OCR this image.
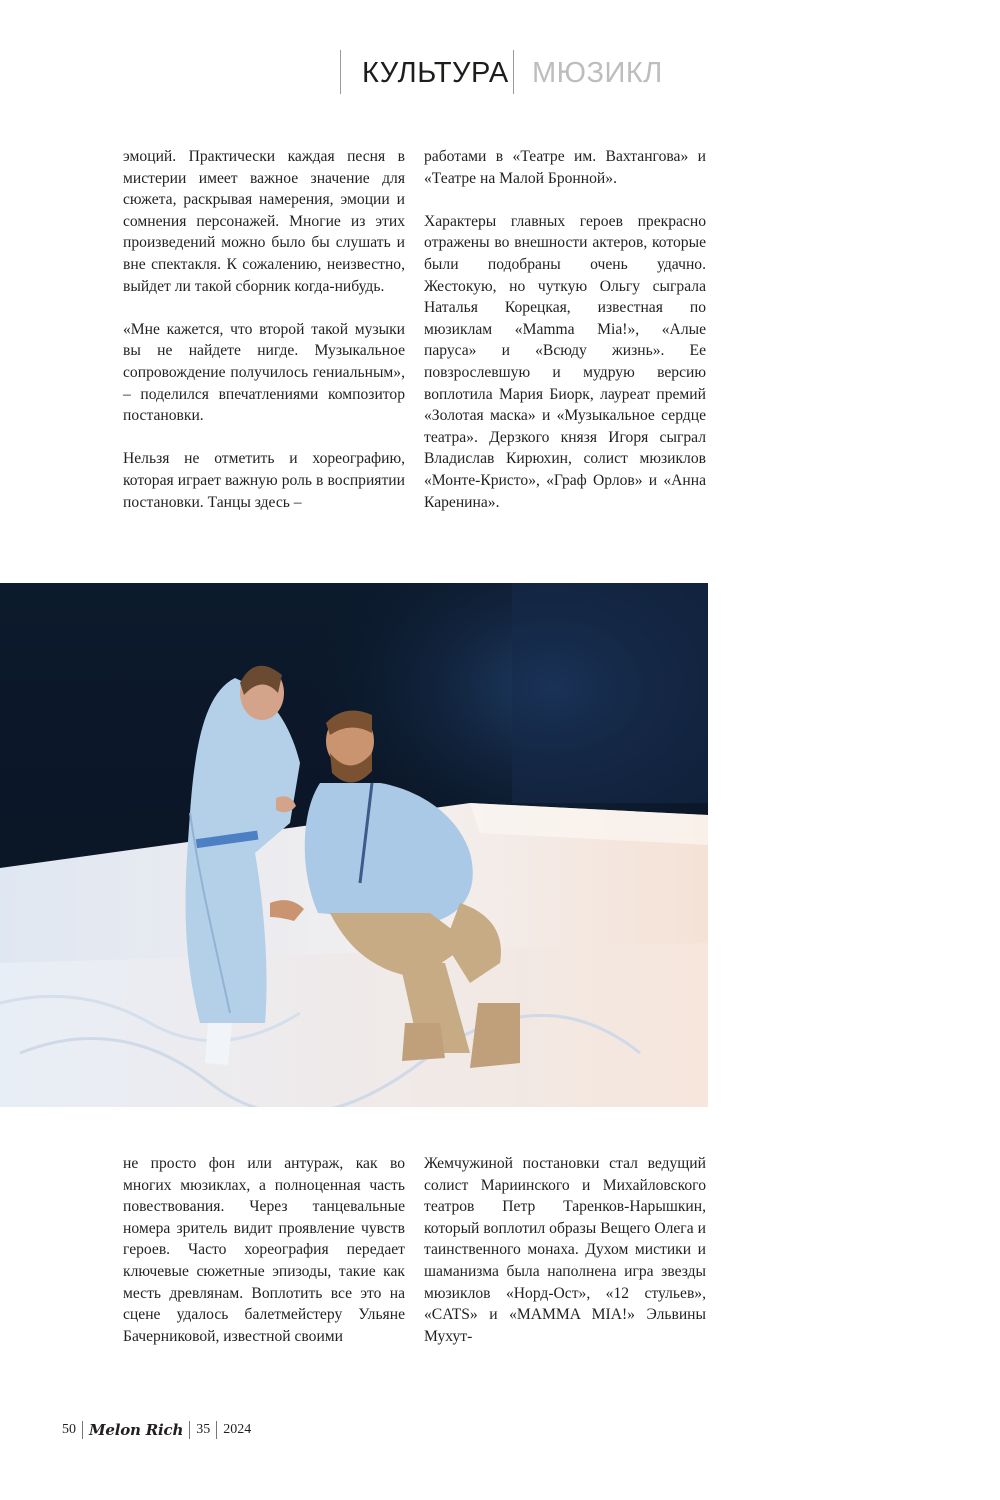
КУЛЬТУРА МЮЗИКЛ

эмоций. Практически каждая песня в мистерии имеет важное значение для сюжета, раскрывая намерения, эмоции и сомнения персонажей. Многие из этих произведений можно было бы слушать и вне спектакля. К сожалению, неизвестно, выйдет ли такой сборник когда-нибудь.

«Мне кажется, что второй такой музыки вы не найдете нигде. Музыкальное сопровождение получилось гениальным», – поделился впечатлениями композитор постановки.

Нельзя не отметить и хореографию, которая играет важную роль в восприятии постановки. Танцы здесь –

работами в «Театре им. Вахтангова» и «Театре на Малой Бронной».

Характеры главных героев прекрасно отражены во внешности актеров, которые были подобраны очень удачно. Жестокую, но чуткую Ольгу сыграла Наталья Корецкая, известная по мюзиклам «Mamma Mia!», «Алые паруса» и «Всюду жизнь». Ее повзрослевшую и мудрую версию воплотила Мария Биорк, лауреат премий «Золотая маска» и «Музыкальное сердце театра». Дерзкого князя Игоря сыграл Владислав Кирюхин, солист мюзиклов «Монте-Кристо», «Граф Орлов» и «Анна Каренина».

не просто фон или антураж, как во многих мюзиклах, а полноценная часть повествования. Через танцевальные номера зритель видит проявление чувств героев. Часто хореография передает ключевые сюжетные эпизоды, такие как месть древлянам. Воплотить все это на сцене удалось балетмейстеру Ульяне Бачерниковой, известной своими

Жемчужиной постановки стал ведущий солист Мариинского и Михайловского театров Петр Таренков-Нарышкин, который воплотил образы Вещего Олега и таинственного монаха. Духом мистики и шаманизма была наполнена игра звезды мюзиклов «Норд-Ост», «12 стульев», «CATS» и «MAMMA MIA!» Эльвины Мухут-

50 Melon Rich 35 2024
